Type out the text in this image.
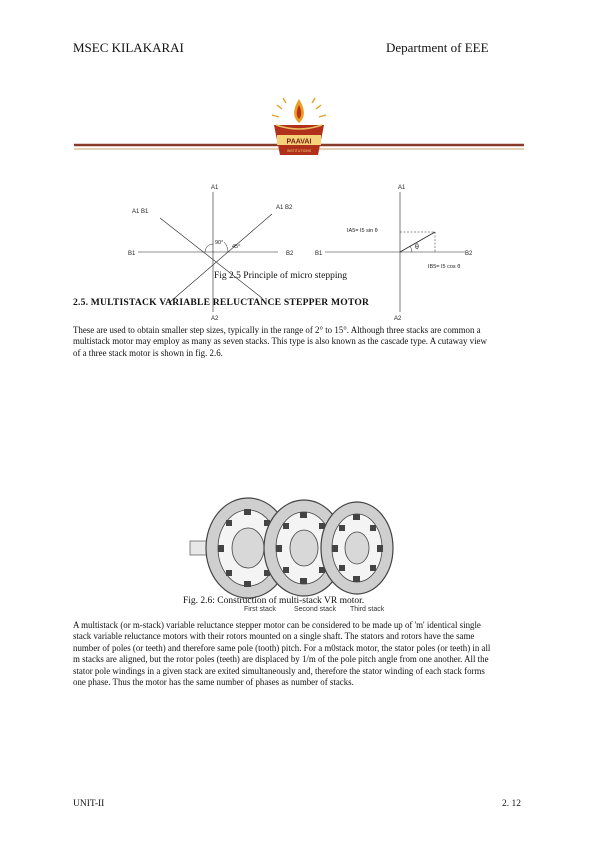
MSEC KILAKARAI	Department of EEE
PAAVAI
INSTITUTIONS
A1
A2
B1	B2
A1 B1
A1 B2
90°
45°
A1
A2
B1	B2
IA5= I5 sin θ
IB5= I5 cos θ
θ
Fig 2.5 Principle of micro stepping
2.5. MULTISTACK VARIABLE RELUCTANCE STEPPER MOTOR
These are used to obtain smaller step sizes, typically in the range of 2° to 15°. Although three stacks are common a multistack motor may employ as many as seven stacks. This type is also known as the cascade type. A cutaway view of a three stack motor is shown in fig. 2.6.
First stack	Second stack Third stack
Fig. 2.6: Construction of multi-stack VR motor.
A multistack (or m-stack) variable reluctance stepper motor can be considered to be made up of 'm' identical single stack variable reluctance motors with their rotors mounted on a single shaft. The stators and rotors have the same number of poles (or teeth) and therefore same pole (tooth) pitch. For a m0stack motor, the stator poles (or teeth) in all m stacks are aligned, but the rotor poles (teeth) are displaced by 1/m of the pole pitch angle from one another. All the stator pole windings in a given stack are exited simultaneously and, therefore the stator winding of each stack forms one phase. Thus the motor has the same number of phases as number of stacks.
UNIT-II	2. 12
